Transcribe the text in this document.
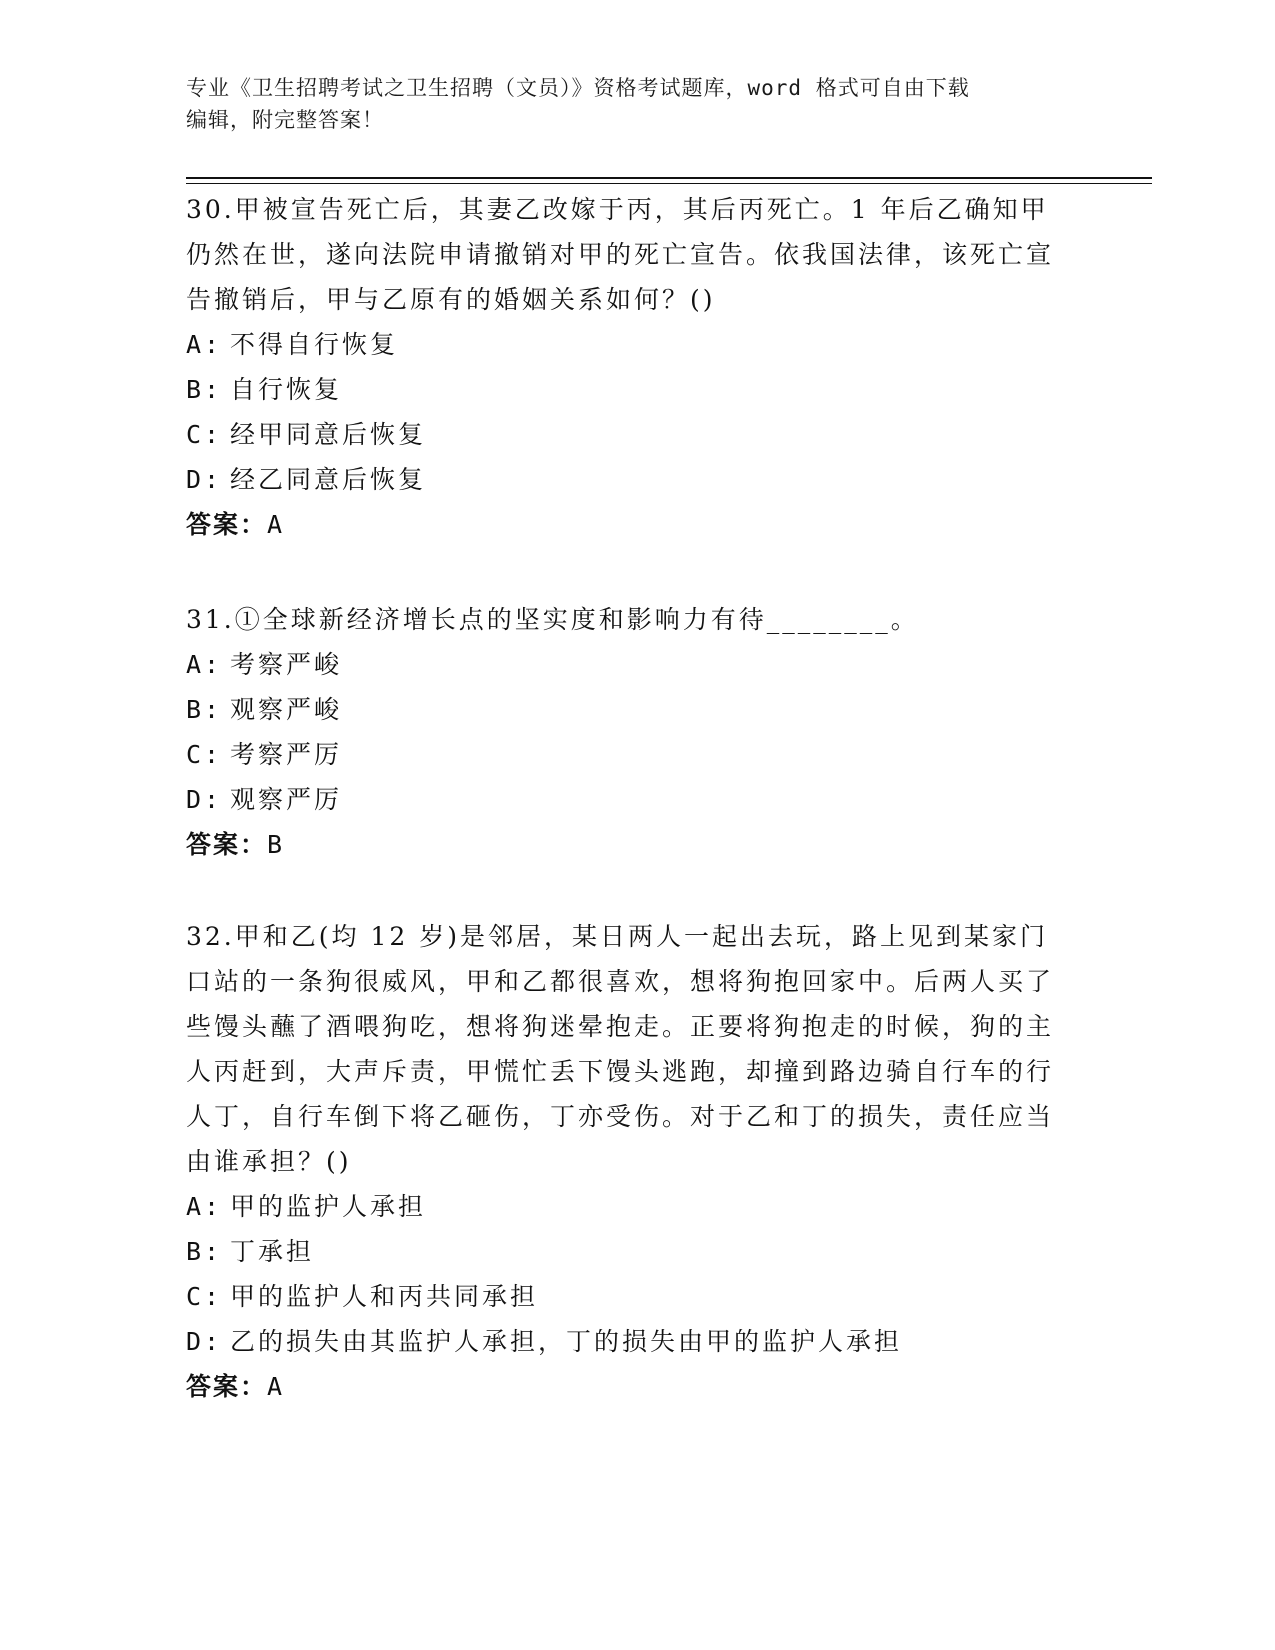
专业《卫生招聘考试之卫生招聘（文员）》资格考试题库，word 格式可自由下载
编辑，附完整答案！

30.甲被宣告死亡后，其妻乙改嫁于丙，其后丙死亡。1 年后乙确知甲仍然在世，遂向法院申请撤销对甲的死亡宣告。依我国法律，该死亡宣告撤销后，甲与乙原有的婚姻关系如何？()

A: 不得自行恢复

B: 自行恢复

C: 经甲同意后恢复

D: 经乙同意后恢复

答案：A

31.①全球新经济增长点的坚实度和影响力有待________。

A: 考察严峻

B: 观察严峻

C: 考察严厉

D: 观察严厉

答案：B

32.甲和乙(均 12 岁)是邻居，某日两人一起出去玩，路上见到某家门口站的一条狗很威风，甲和乙都很喜欢，想将狗抱回家中。后两人买了些馒头蘸了酒喂狗吃，想将狗迷晕抱走。正要将狗抱走的时候，狗的主人丙赶到，大声斥责，甲慌忙丢下馒头逃跑，却撞到路边骑自行车的行人丁，自行车倒下将乙砸伤，丁亦受伤。对于乙和丁的损失，责任应当由谁承担？()

A: 甲的监护人承担

B: 丁承担

C: 甲的监护人和丙共同承担

D: 乙的损失由其监护人承担，丁的损失由甲的监护人承担

答案：A
